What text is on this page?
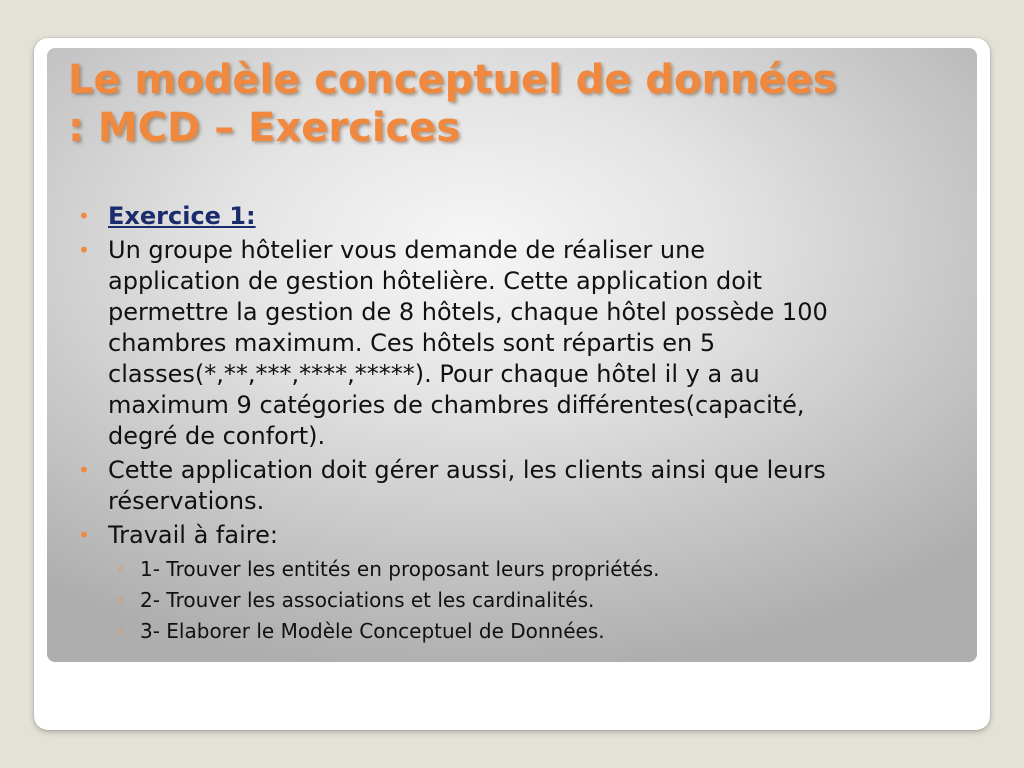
Le modèle conceptuel de données
: MCD – Exercices
• Exercice 1:
• Un groupe hôtelier vous demande de réaliser une
application de gestion hôtelière. Cette application doit
permettre la gestion de 8 hôtels, chaque hôtel possède 100
chambres maximum. Ces hôtels sont répartis en 5
classes(*,**,***,****,*****). Pour chaque hôtel il y a au
maximum 9 catégories de chambres différentes(capacité,
degré de confort).
• Cette application doit gérer aussi, les clients ainsi que leurs
réservations.
• Travail à faire:
◦ 1- Trouver les entités en proposant leurs propriétés.
◦ 2- Trouver les associations et les cardinalités.
◦ 3- Elaborer le Modèle Conceptuel de Données.
